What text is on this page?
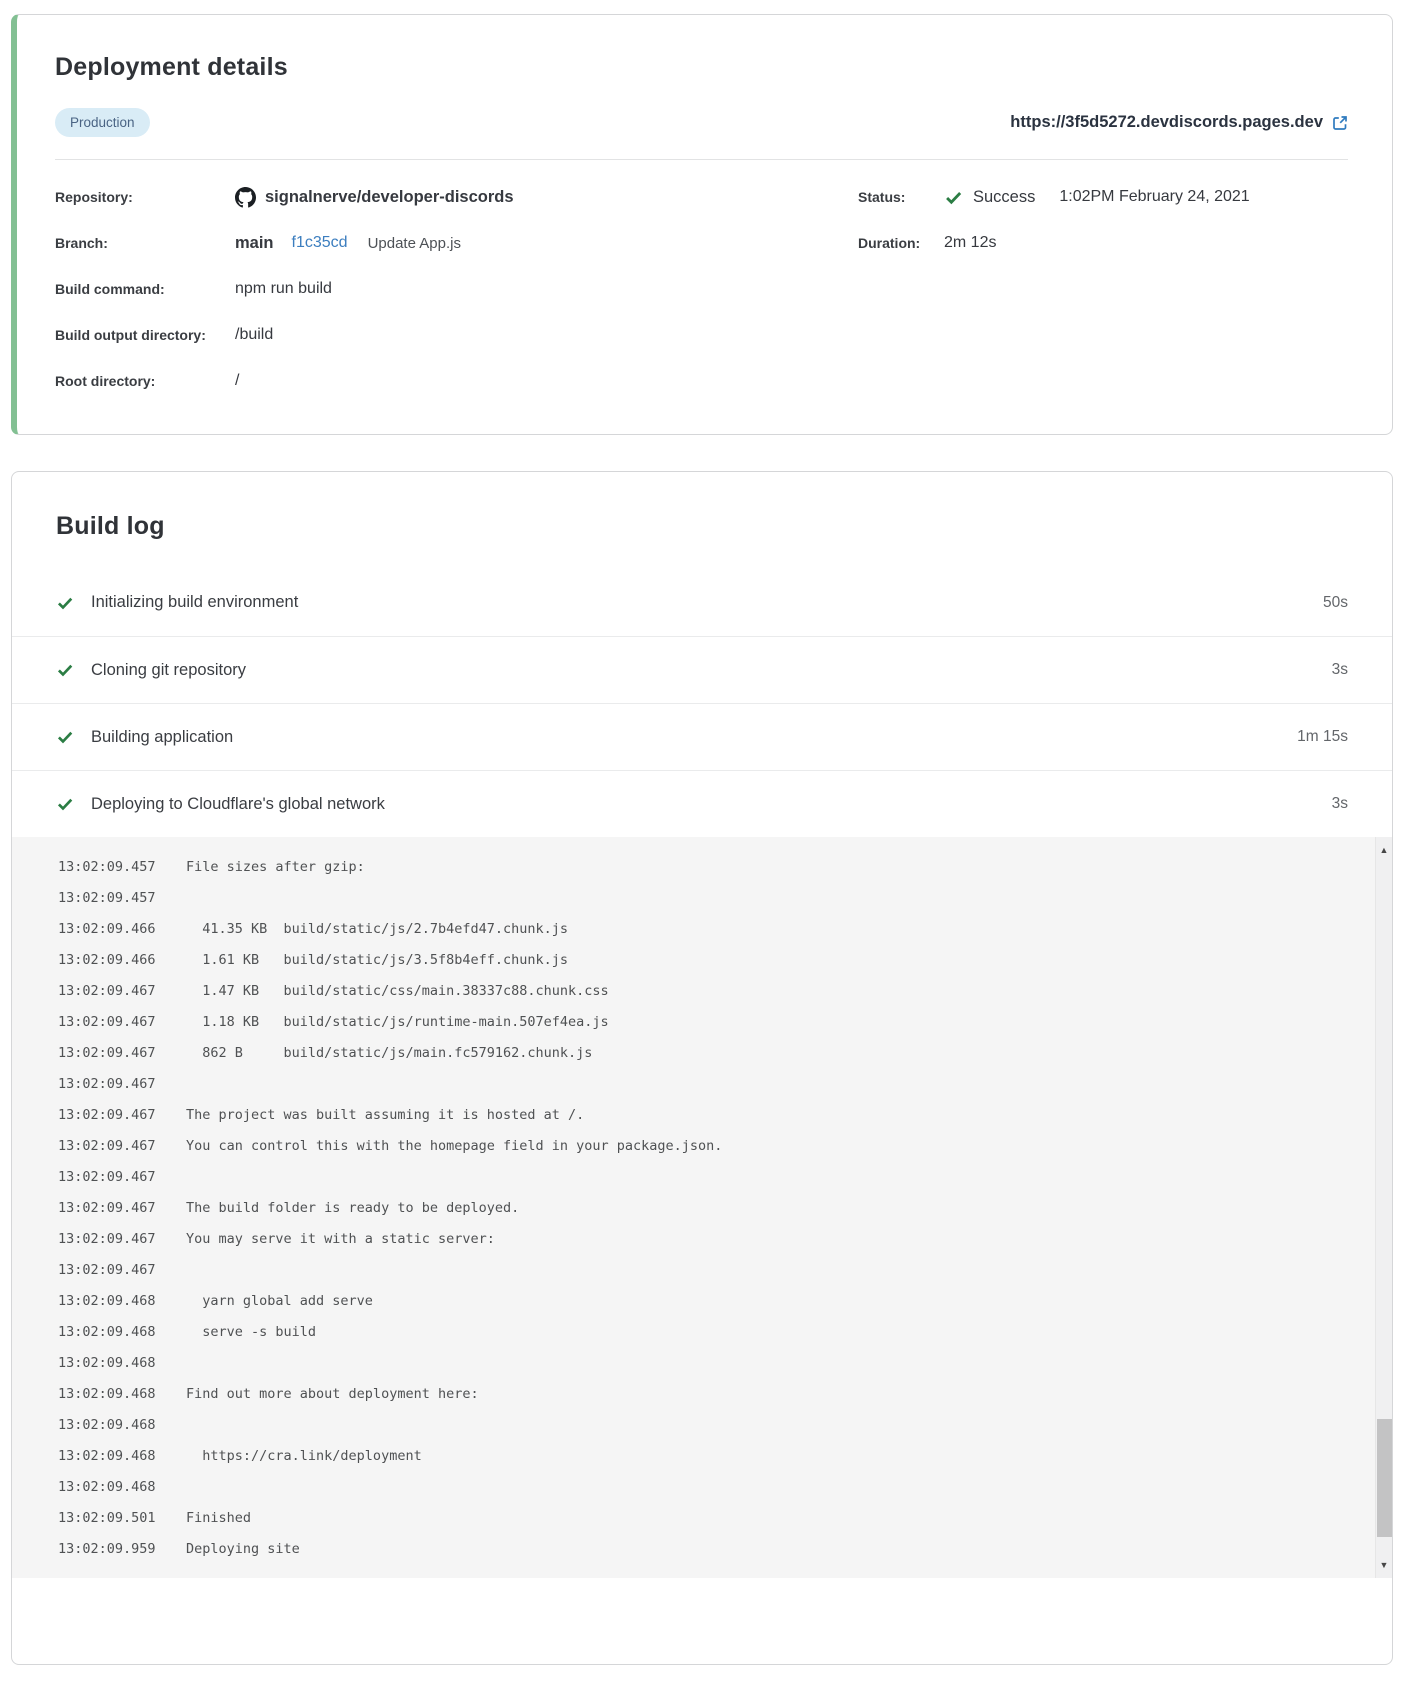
Deployment details
Production	https://3f5d5272.devdiscords.pages.dev
Repository:	signalnerve/developer-discords
Branch:	main f1c35cd Update App.js
Build command:	npm run build
Build output directory:	/build
Root directory:	/
Status:	Success 1:02PM February 24, 2021
Duration:	2m 12s
Build log
Initializing build environment	50s
Cloning git repository	3s
Building application	1m 15s
Deploying to Cloudflare's global network	3s
13:02:09.457	File sizes after gzip:
13:02:09.457
13:02:09.466	41.35 KB  build/static/js/2.7b4efd47.chunk.js
13:02:09.466	1.61 KB   build/static/js/3.5f8b4eff.chunk.js
13:02:09.467	1.47 KB   build/static/css/main.38337c88.chunk.css
13:02:09.467	1.18 KB   build/static/js/runtime-main.507ef4ea.js
13:02:09.467	862 B     build/static/js/main.fc579162.chunk.js
13:02:09.467
13:02:09.467	The project was built assuming it is hosted at /.
13:02:09.467	You can control this with the homepage field in your package.json.
13:02:09.467
13:02:09.467	The build folder is ready to be deployed.
13:02:09.467	You may serve it with a static server:
13:02:09.467
13:02:09.468	yarn global add serve
13:02:09.468	serve -s build
13:02:09.468
13:02:09.468	Find out more about deployment here:
13:02:09.468
13:02:09.468	https://cra.link/deployment
13:02:09.468
13:02:09.501	Finished
13:02:09.959	Deploying site
▲
▼
